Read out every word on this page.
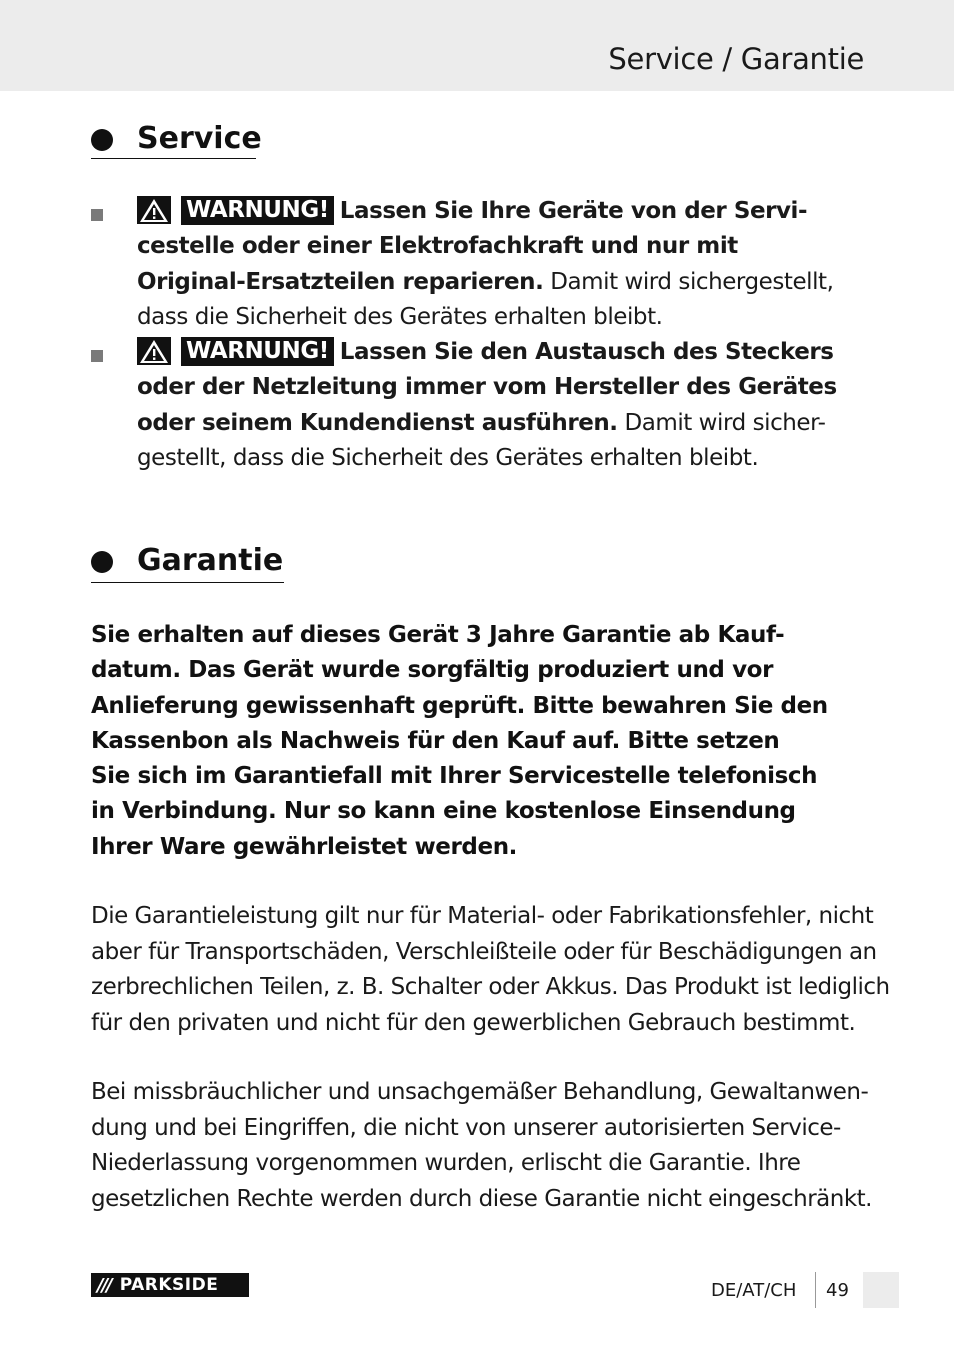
Service / Garantie
Service
WARNUNG! Lassen Sie Ihre Geräte von der Servi-
cestelle oder einer Elektrofachkraft und nur mit
Original-Ersatzteilen reparieren. Damit wird sichergestellt,
dass die Sicherheit des Gerätes erhalten bleibt.
WARNUNG! Lassen Sie den Austausch des Steckers
oder der Netzleitung immer vom Hersteller des Gerätes
oder seinem Kundendienst ausführen. Damit wird sicher-
gestellt, dass die Sicherheit des Gerätes erhalten bleibt.
Garantie
Sie erhalten auf dieses Gerät 3 Jahre Garantie ab Kauf-
datum. Das Gerät wurde sorgfältig produziert und vor
Anlieferung gewissenhaft geprüft. Bitte bewahren Sie den
Kassenbon als Nachweis für den Kauf auf. Bitte setzen
Sie sich im Garantiefall mit Ihrer Servicestelle telefonisch
in Verbindung. Nur so kann eine kostenlose Einsendung
Ihrer Ware gewährleistet werden.
Die Garantieleistung gilt nur für Material- oder Fabrikationsfehler, nicht
aber für Transportschäden, Verschleißteile oder für Beschädigungen an
zerbrechlichen Teilen, z. B. Schalter oder Akkus. Das Produkt ist lediglich
für den privaten und nicht für den gewerblichen Gebrauch bestimmt.
Bei missbräuchlicher und unsachgemäßer Behandlung, Gewaltanwen-
dung und bei Eingriffen, die nicht von unserer autorisierten Service-
Niederlassung vorgenommen wurden, erlischt die Garantie. Ihre
gesetzlichen Rechte werden durch diese Garantie nicht eingeschränkt.
/// PARKSIDE	DE/AT/CH 49
